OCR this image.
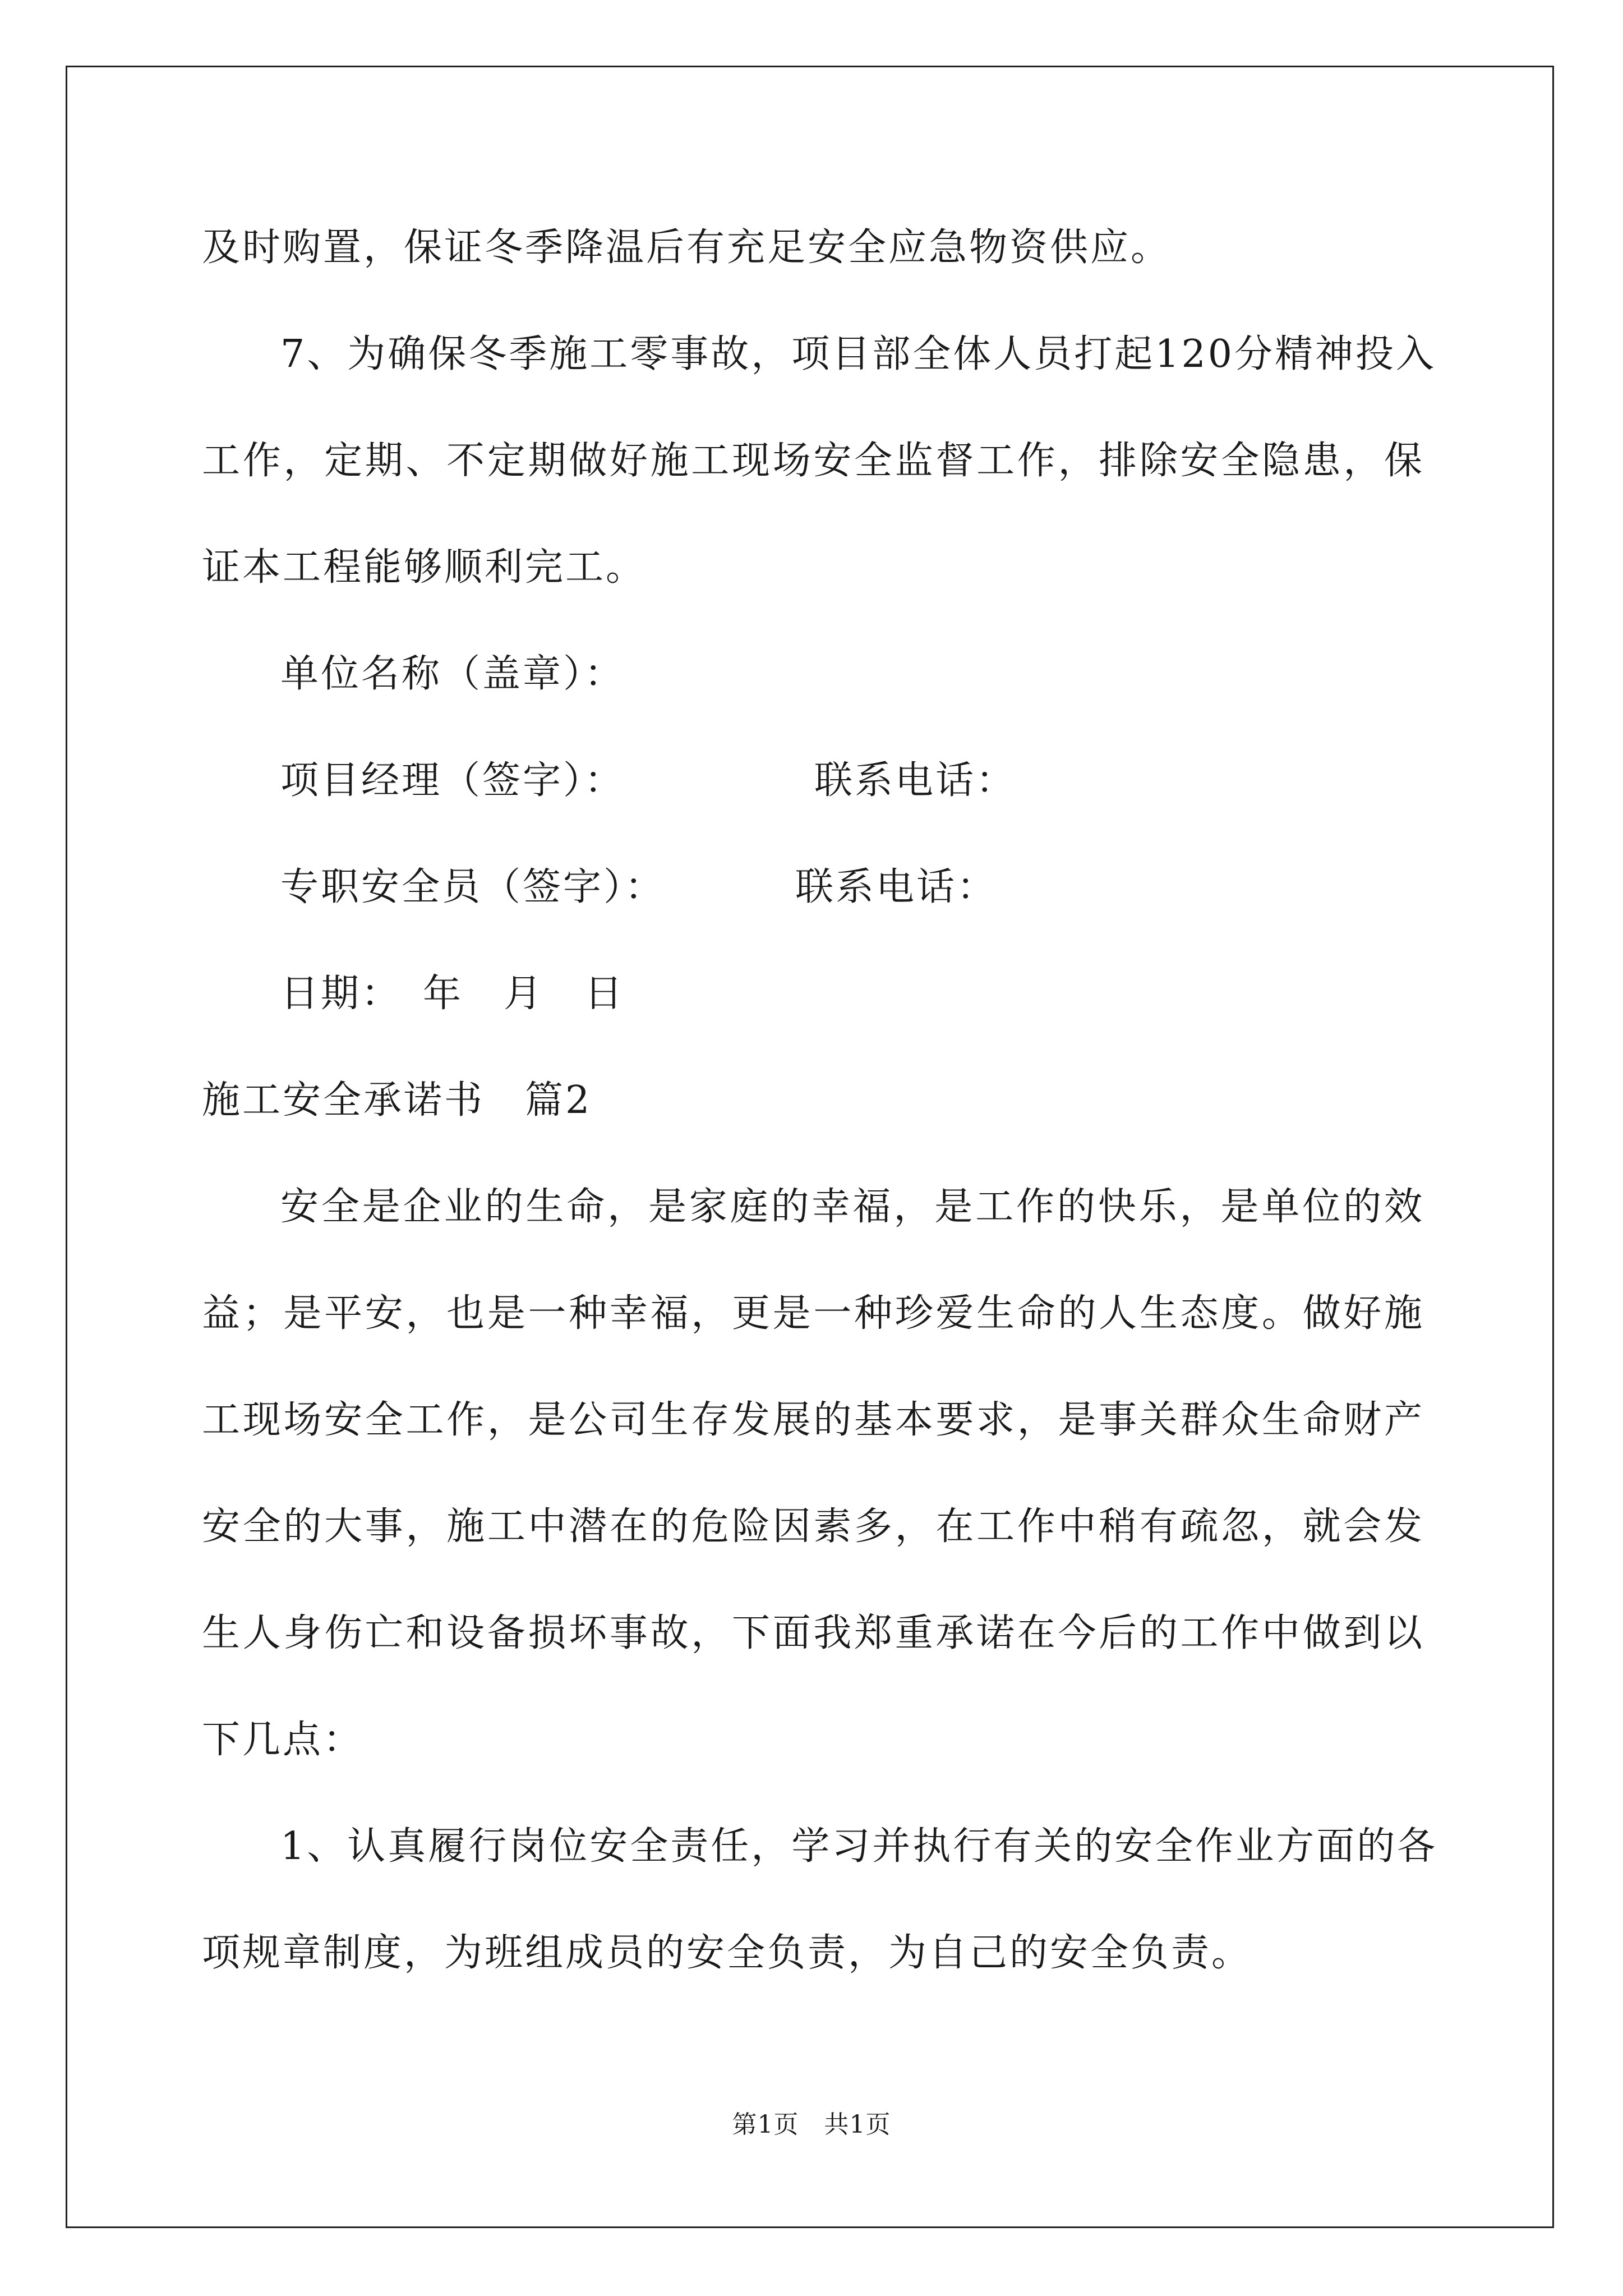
及时购置，保证冬季降温后有充足安全应急物资供应。
7、为确保冬季施工零事故，项目部全体人员打起120分精神投入
工作，定期、不定期做好施工现场安全监督工作，排除安全隐患，保
证本工程能够顺利完工。
单位名称（盖章）：
项目经理（签字）：	联系电话：
专职安全员（签字）：	联系电话：
日期：　年　月　日
施工安全承诺书　篇2
安全是企业的生命，是家庭的幸福，是工作的快乐，是单位的效
益；是平安，也是一种幸福，更是一种珍爱生命的人生态度。做好施
工现场安全工作，是公司生存发展的基本要求，是事关群众生命财产
安全的大事，施工中潜在的危险因素多，在工作中稍有疏忽，就会发
生人身伤亡和设备损坏事故，下面我郑重承诺在今后的工作中做到以
下几点：
1、认真履行岗位安全责任，学习并执行有关的安全作业方面的各
项规章制度，为班组成员的安全负责，为自己的安全负责。
第1页　共1页
